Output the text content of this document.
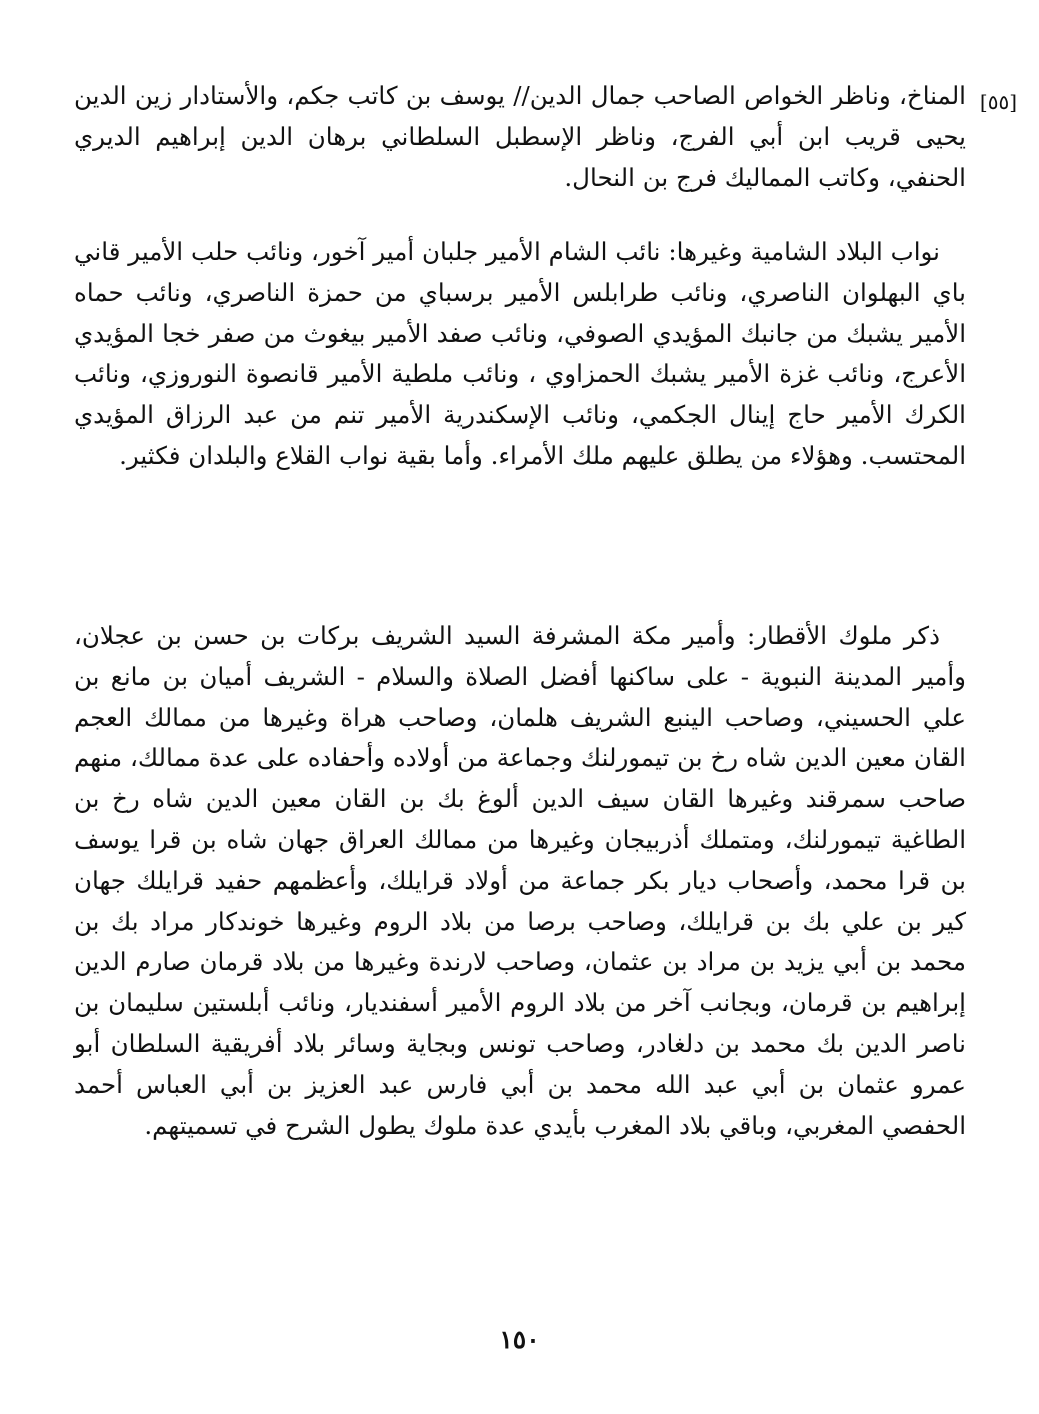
[٥٥]

المناخ، وناظر الخواص الصاحب جمال الدين// يوسف بن كاتب جكم، والأستادار زين الدين يحيى قريب ابن أبي الفرج، وناظر الإسطبل السلطاني برهان الدين إبراهيم الديري الحنفي، وكاتب المماليك فرج بن النحال.

نواب البلاد الشامية وغيرها: نائب الشام الأمير جلبان أمير آخور، ونائب حلب الأمير قاني باي البهلوان الناصري، ونائب طرابلس الأمير برسباي من حمزة الناصري، ونائب حماه الأمير يشبك من جانبك المؤيدي الصوفي، ونائب صفد الأمير بيغوث من صفر خجا المؤيدي الأعرج، ونائب غزة الأمير يشبك الحمزاوي ، ونائب ملطية الأمير قانصوة النوروزي، ونائب الكرك الأمير حاج إينال الجكمي، ونائب الإسكندرية الأمير تنم من عبد الرزاق المؤيدي المحتسب. وهؤلاء من يطلق عليهم ملك الأمراء. وأما بقية نواب القلاع والبلدان فكثير.

ذكر ملوك الأقطار: وأمير مكة المشرفة السيد الشريف بركات بن حسن بن عجلان، وأمير المدينة النبوية - على ساكنها أفضل الصلاة والسلام - الشريف أميان بن مانع بن علي الحسيني، وصاحب الينبع الشريف هلمان، وصاحب هراة وغيرها من ممالك العجم القان معين الدين شاه رخ بن تيمورلنك وجماعة من أولاده وأحفاده على عدة ممالك، منهم صاحب سمرقند وغيرها القان سيف الدين ألوغ بك بن القان معين الدين شاه رخ بن الطاغية تيمورلنك، ومتملك أذربيجان وغيرها من ممالك العراق جهان شاه بن قرا يوسف بن قرا محمد، وأصحاب ديار بكر جماعة من أولاد قرايلك، وأعظمهم حفيد قرايلك جهان كير بن علي بك بن قرايلك، وصاحب برصا من بلاد الروم وغيرها خوندكار مراد بك بن محمد بن أبي يزيد بن مراد بن عثمان، وصاحب لارندة وغيرها من بلاد قرمان صارم الدين إبراهيم بن قرمان، وبجانب آخر من بلاد الروم الأمير أسفنديار، ونائب أبلستين سليمان بن ناصر الدين بك محمد بن دلغادر، وصاحب تونس وبجاية وسائر بلاد أفريقية السلطان أبو عمرو عثمان بن أبي عبد الله محمد بن أبي فارس عبد العزيز بن أبي العباس أحمد الحفصي المغربي، وباقي بلاد المغرب بأيدي عدة ملوك يطول الشرح في تسميتهم.

١٥٠
